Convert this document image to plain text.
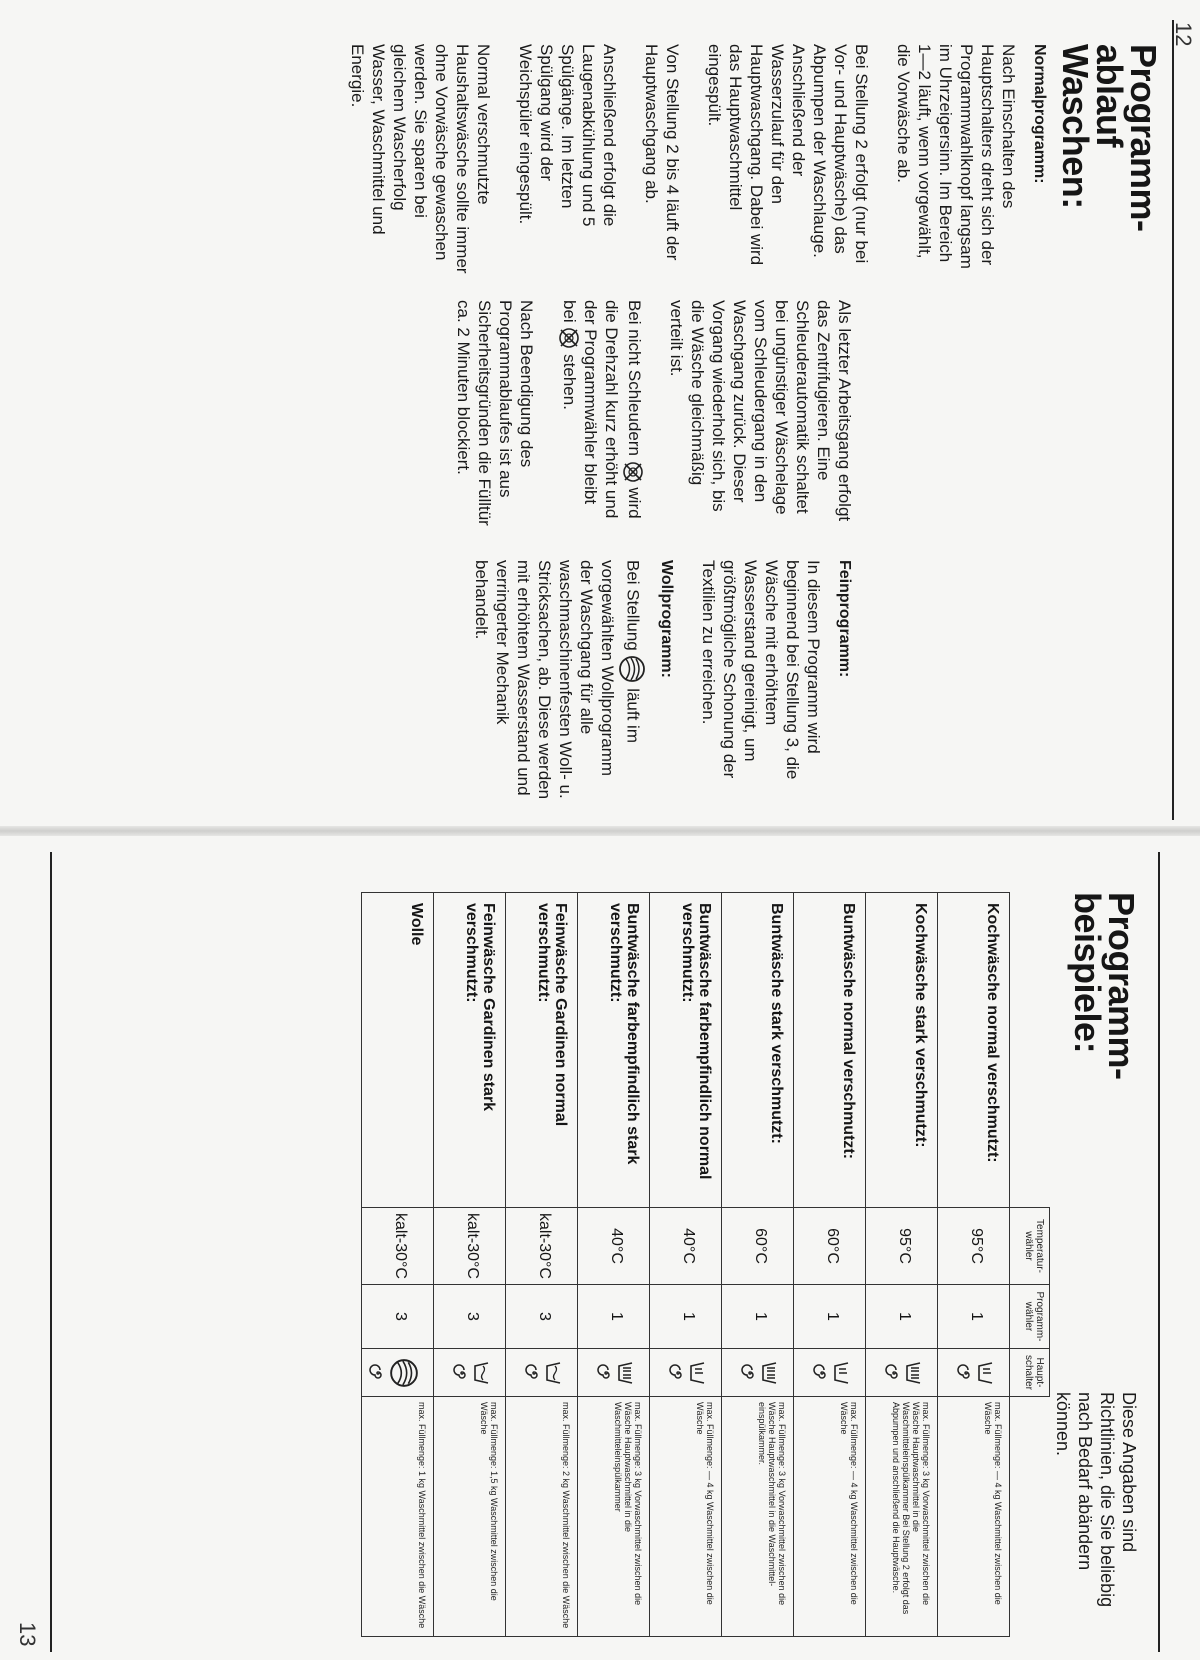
12
Programm-
ablauf
Waschen:
Normalprogramm:

Nach Einschalten des Hauptschalters dreht sich der Programmwahlknopf langsam im Uhrzeigersinn. Im Bereich 1—2 läuft, wenn vorgewählt, die Vorwäsche ab.

Bei Stellung 2 erfolgt (nur bei Vor- und Hauptwäsche) das Abpumpen der Waschlauge. Anschließend der Wasserzulauf für den Hauptwaschgang. Dabei wird das Hauptwaschmittel eingespült.

Von Stellung 2 bis 4 läuft der Hauptwaschgang ab.

Anschließend erfolgt die Laugenabkühlung und 5 Spülgänge. Im letzten Spülgang wird der Weichspüler eingespült.

Normal verschmutzte Haushaltswäsche sollte immer ohne Vorwäsche gewaschen werden. Sie sparen bei gleichem Wascherfolg Wasser, Waschmittel und Energie.

Als letzter Arbeitsgang erfolgt das Zentrifugieren. Eine Schleuderautomatik schaltet bei ungünstiger Wäschelage vom Schleudergang in den Waschgang zurück. Dieser Vorgang wiederholt sich, bis die Wäsche gleichmäßig verteilt ist.

Bei nicht Schleudern  wird die Drehzahl kurz erhöht und der Programmwähler bleibt bei  stehen.

Nach Beendigung des Programmablaufes ist aus Sicherheitsgründen die Fülltür ca. 2 Minuten blockiert.

Feinprogramm:

In diesem Programm wird beginnend bei Stellung 3, die Wäsche mit erhöhtem Wasserstand gereinigt, um größtmögliche Schonung der Textilien zu erreichen.

Wollprogramm:

Bei Stellung  läuft im vorgewählten Wollprogramm der Waschgang für alle waschmaschinenfesten Woll- u. Stricksachen, ab. Diese werden mit erhöhtem Wasserstand und verringerter Mechanik behandelt.

13
Programm-
beispiele:
Diese Angaben sind Richtlinien, die Sie beliebig nach Bedarf abändern können.
	Temperatur-wähler	Programm-wähler	Haupt-schalter	
Kochwäsche normal verschmutzt:	95°C	1		max. Füllmenge: — 4 kg Waschmittel zwischen die Wäsche
Kochwäsche stark verschmutzt:	95°C	1		max. Füllmenge: 3 kg Vorwaschmittel zwischen die Wäsche Hauptwaschmittel in die Waschmitteleinspülkammer Bei Stellung 2 erfolgt das Abpumpen und anschließend die Hauptwäsche.
Buntwäsche normal verschmutzt:	60°C	1		max. Füllmenge: — 4 kg Waschmittel zwischen die Wäsche
Buntwäsche stark verschmutzt:	60°C	1		max. Füllmenge: 3 kg Vorwaschmittel zwischen die Wäsche Hauptwaschmittel in die Waschmittel-einspülkammer.
Buntwäsche farbempfindlich normal verschmutzt:	40°C	1		max. Füllmenge: — 4 kg Waschmittel zwischen die Wäsche
Buntwäsche farbempfindlich stark verschmutzt:	40°C	1		max. Füllmenge: 3 kg Vorwaschmittel zwischen die Wäsche Hauptwaschmittel in die Waschmitteleinspülkammer
Feinwäsche Gardinen normal verschmutzt:	kalt-30°C	3		max. Füllmenge: 2 kg Waschmittel zwischen die Wäsche
Feinwäsche Gardinen stark verschmutzt:	kalt-30°C	3		max. Füllmenge: 1,5 kg Waschmittel zwischen die Wäsche
Wolle	kalt-30°C	3		max. Füllmenge: 1 kg Waschmittel zwischen die Wäsche
